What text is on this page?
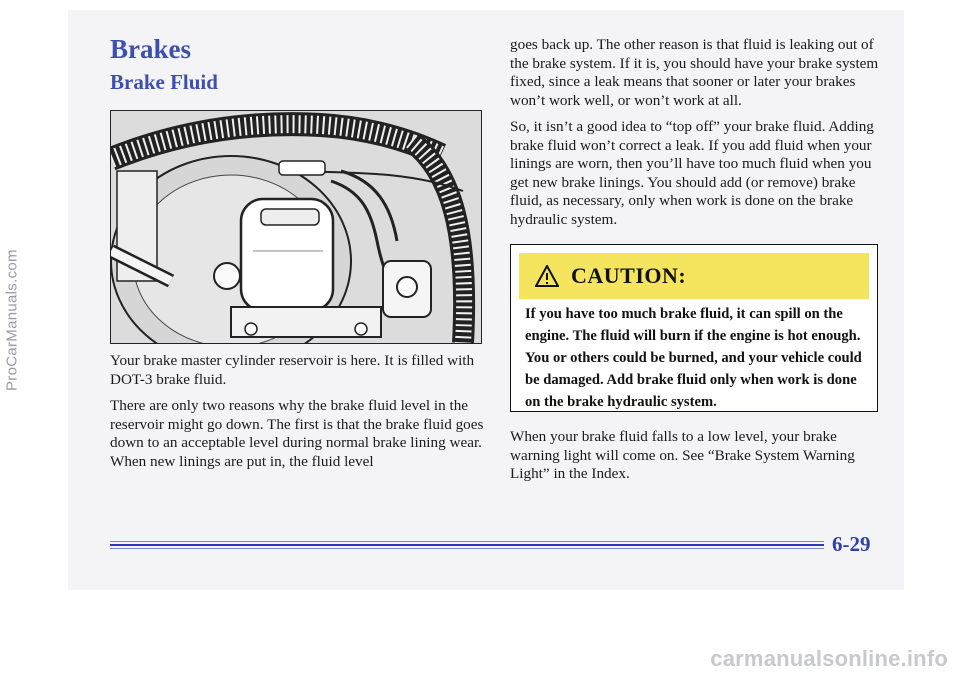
ProCarManuals.com
Brakes
Brake Fluid

Your brake master cylinder reservoir is here. It is filled with DOT-3 brake fluid.

There are only two reasons why the brake fluid level in the reservoir might go down. The first is that the brake fluid goes down to an acceptable level during normal brake lining wear. When new linings are put in, the fluid level

goes back up. The other reason is that fluid is leaking out of the brake system. If it is, you should have your brake system fixed, since a leak means that sooner or later your brakes won’t work well, or won’t work at all.

So, it isn’t a good idea to “top off” your brake fluid. Adding brake fluid won’t correct a leak. If you add fluid when your linings are worn, then you’ll have too much fluid when you get new brake linings. You should add (or remove) brake fluid, as necessary, only when work is done on the brake hydraulic system.

CAUTION:

If you have too much brake fluid, it can spill on the engine. The fluid will burn if the engine is hot enough. You or others could be burned, and your vehicle could be damaged. Add brake fluid only when work is done on the brake hydraulic system.

When your brake fluid falls to a low level, your brake warning light will come on. See “Brake System Warning Light” in the Index.

6-29
carmanualsonline.info
